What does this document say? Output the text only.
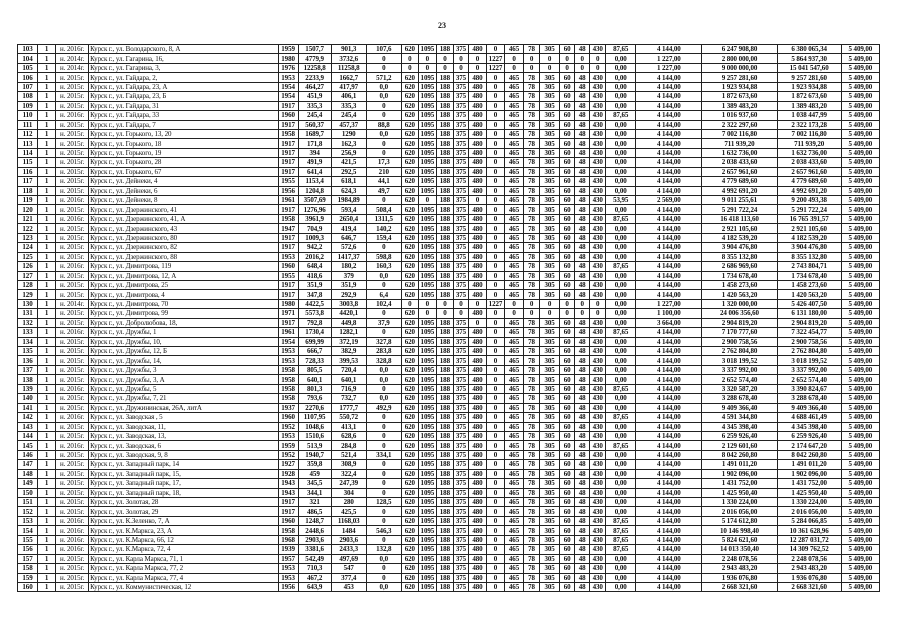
23
103	1	н. 2016г.	Курск г., ул. Володарского, 8, А	1959	1507,7	901,3	107,6	620	1095	188	375	480	0	465	78	305	60	48	430	87,65	4 144,00	6 247 908,80	6 380 065,34	5 409,00
104	1	н. 2014г.	Курск г., ул. Гагарина, 16,	1980	4779,9	3732,6	0	0	0	0	0	0	1227	0	0	0	0	0	0	0,00	1 227,00	2 800 000,00	5 864 937,30	5 409,00
105	1	н. 2014г.	Курск г., ул. Гагарина, 3,	1976	12258,8	11258,8	0	0	0	0	0	0	1227	0	0	0	0	0	0	0,00	1 227,00	9 000 000,00	15 041 547,60	5 409,00
106	1	н. 2015г.	Курск г., ул. Гайдара, 2,	1953	2233,9	1662,7	571,2	620	1095	188	375	480	0	465	78	305	60	48	430	0,00	4 144,00	9 257 281,60	9 257 281,60	5 409,00
107	1	н. 2015г.	Курск г., ул. Гайдара, 23, А	1954	464,27	417,97	0,0	620	1095	188	375	480	0	465	78	305	60	48	430	0,00	4 144,00	1 923 934,88	1 923 934,88	5 409,00
108	1	н. 2015г.	Курск г., ул. Гайдара, 23, Б	1954	451,9	406,1	0,0	620	1095	188	375	480	0	465	78	305	60	48	430	0,00	4 144,00	1 872 673,60	1 872 673,60	5 409,00
109	1	н. 2015г.	Курск г., ул. Гайдара, 31	1917	335,3	335,3	0	620	1095	188	375	480	0	465	78	305	60	48	430	0,00	4 144,00	1 389 483,20	1 389 483,20	5 409,00
110	1	н. 2016г.	Курск г., ул. Гайдара, 33	1960	245,4	245,4	0	620	1095	188	375	480	0	465	78	305	60	48	430	87,65	4 144,00	1 016 937,60	1 038 447,99	5 409,00
111	1	н. 2015г.	Курск г., ул. Гайдара, 7	1917	560,37	457,37	88,8	620	1095	188	375	480	0	465	78	305	60	48	430	0,00	4 144,00	2 322 297,60	2 322 173,28	5 409,00
112	1	н. 2015г.	Курск г., ул. Горького, 13, 20	1958	1689,7	1290	0,0	620	1095	188	375	480	0	465	78	305	60	48	430	0,00	4 144,00	7 002 116,80	7 002 116,80	5 409,00
113	1	н. 2015г.	Курск г., ул. Горького, 18	1917	171,8	162,3	0	620	1095	188	375	480	0	465	78	305	60	48	430	0,00	4 144,00	711 939,20	711 939,20	5 409,00
114	1	н. 2015г.	Курск г., ул. Горького, 19	1917	394	256,9	0	620	1095	188	375	480	0	465	78	305	60	48	430	0,00	4 144,00	1 632 736,00	1 632 736,00	5 409,00
115	1	н. 2015г.	Курск г., ул. Горького, 28	1917	491,9	421,5	17,3	620	1095	188	375	480	0	465	78	305	60	48	430	0,00	4 144,00	2 038 433,60	2 038 433,60	5 409,00
116	1	н. 2015г.	Курск г., ул. Горького, 67	1917	641,4	292,5	210	620	1095	188	375	480	0	465	78	305	60	48	430	0,00	4 144,00	2 657 961,60	2 657 961,60	5 409,00
117	1	н. 2015г.	Курск г., ул. Дейнеки, 4	1955	1153,4	618,1	44,1	620	1095	188	375	480	0	465	78	305	60	48	430	0,00	4 144,00	4 779 689,60	4 779 689,60	5 409,00
118	1	н. 2015г.	Курск г., ул. Дейнеки, 6	1956	1204,8	624,3	49,7	620	1095	188	375	480	0	465	78	305	60	48	430	0,00	4 144,00	4 992 691,20	4 992 691,20	5 409,00
119	1	н. 2016г.	Курск г., ул. Дейнеки, 8	1961	3507,69	1984,89	0	620	0	188	375	0	0	465	78	305	60	48	430	53,95	2 569,00	9 011 255,61	9 200 493,38	5 409,00
120	1	н. 2015г.	Курск г., ул. Дзержинского, 41	1917	1276,96	593,4	508,4	620	1095	188	375	480	0	465	78	305	60	48	430	0,00	4 144,00	5 291 722,24	5 291 722,24	5 409,00
121	1	н. 2016г.	Курск г., ул. Дзержинского, 41, А	1958	3961,9	2650,4	1311,5	620	1095	188	375	480	0	465	78	305	60	48	430	87,65	4 144,00	16 418 113,60	16 765 391,57	5 409,00
122	1	н. 2015г.	Курск г., ул. Дзержинского, 43	1947	704,9	419,4	140,2	620	1095	188	375	480	0	465	78	305	60	48	430	0,00	4 144,00	2 921 105,60	2 921 105,60	5 409,00
123	1	н. 2015г.	Курск г., ул. Дзержинского, 80	1917	1009,3	646,7	159,4	620	1095	188	375	480	0	465	78	305	60	48	430	0,00	4 144,00	4 182 539,20	4 182 539,20	5 409,00
124	1	н. 2015г.	Курск г., ул. Дзержинского, 82	1917	942,2	572,6	0	620	1095	188	375	480	0	465	78	305	60	48	430	0,00	4 144,00	3 904 476,80	3 904 476,80	5 409,00
125	1	н. 2015г.	Курск г., ул. Дзержинского, 88	1953	2016,2	1417,37	598,8	620	1095	188	375	480	0	465	78	305	60	48	430	0,00	4 144,00	8 355 132,80	8 355 132,80	5 409,00
126	1	н. 2016г.	Курск г., ул. Димитрова, 119	1960	648,4	180,2	160,3	620	1095	188	375	480	0	465	78	305	60	48	430	87,65	4 144,00	2 686 969,60	2 743 804,71	5 409,00
127	1	н. 2015г.	Курск г., ул. Димитрова, 12, А	1955	418,6	379	0,0	620	1095	188	375	480	0	465	78	305	60	48	430	0,00	4 144,00	1 734 678,40	1 734 678,40	5 409,00
128	1	н. 2015г.	Курск г., ул. Димитрова, 25	1917	351,9	351,9	0	620	1095	188	375	480	0	465	78	305	60	48	430	0,00	4 144,00	1 458 273,60	1 458 273,60	5 409,00
129	1	н. 2015г.	Курск г., ул. Димитрова, 4	1917	347,8	292,9	6,4	620	1095	188	375	480	0	465	78	305	60	48	430	0,00	4 144,00	1 420 563,20	1 420 563,20	5 409,00
130	1	н. 2014г.	Курск г., ул. Димитрова, 70	1980	4422,5	3003,8	102,4	0	0	0	0	0	1227	0	0	0	0	0	0	0,00	1 227,00	1 320 000,00	5 426 407,50	5 409,00
131	1	н. 2015г.	Курск г., ул. Димитрова, 99	1971	5573,8	4420,1	0	620	0	0	0	480	0	0	0	0	0	0	0	0,00	1 100,00	24 006 356,60	6 131 180,00	5 409,00
132	1	н. 2015г.	Курск г., ул. Добролюбова, 18,	1917	792,8	449,8	37,9	620	1095	188	375	0	0	465	78	305	60	48	430	0,00	3 664,00	2 904 819,20	2 904 819,20	5 409,00
133	1	н. 2016г.	Курск г., ул. Дружбы, 1	1961	1730,4	1282,1	0	620	1095	188	375	480	0	465	78	305	60	48	430	87,65	4 144,00	7 170 777,60	7 322 454,77	5 409,00
134	1	н. 2015г.	Курск г., ул. Дружбы, 10,	1954	699,99	372,19	327,8	620	1095	188	375	480	0	465	78	305	60	48	430	0,00	4 144,00	2 900 758,56	2 900 758,56	5 409,00
135	1	н. 2015г.	Курск г., ул. Дружбы, 12, Б	1953	666,7	382,9	283,8	620	1095	188	375	480	0	465	78	305	60	48	430	0,00	4 144,00	2 762 804,80	2 762 804,80	5 409,00
136	1	н. 2015г.	Курск г., ул. Дружбы, 14,	1953	728,33	399,53	328,8	620	1095	188	375	480	0	465	78	305	60	48	430	0,00	4 144,00	3 018 199,52	3 018 199,52	5 409,00
137	1	н. 2015г.	Курск г., ул. Дружбы, 3	1958	805,5	720,4	0,0	620	1095	188	375	480	0	465	78	305	60	48	430	0,00	4 144,00	3 337 992,00	3 337 992,00	5 409,00
138	1	н. 2015г.	Курск г., ул. Дружбы, 3, А	1958	640,1	640,1	0,0	620	1095	188	375	480	0	465	78	305	60	48	430	0,00	4 144,00	2 652 574,40	2 652 574,40	5 409,00
139	1	н. 2016г.	Курск г., ул. Дружбы, 5	1958	801,3	716,9	0	620	1095	188	375	480	0	465	78	305	60	48	430	87,65	4 144,00	3 320 587,20	3 390 824,67	5 409,00
140	1	н. 2015г.	Курск г., ул. Дружбы, 7, 21	1958	793,6	732,7	0,0	620	1095	188	375	480	0	465	78	305	60	48	430	0,00	4 144,00	3 288 678,40	3 288 678,40	5 409,00
141	1	н. 2015г.	Курск г., ул. Дружининская, 26А, литА	1937	2270,6	1777,7	492,9	620	1095	188	375	480	0	465	78	305	60	48	430	0,00	4 144,00	9 409 366,40	9 409 366,40	5 409,00
142	1	н. 2016г.	Курск г., ул. Заводская , 5	1960	1107,95	550,72	0	620	1095	188	375	480	0	465	78	305	60	48	430	87,65	4 144,00	4 591 344,80	4 688 461,49	5 409,00
143	1	н. 2015г.	Курск г., ул. Заводская, 11,	1952	1048,6	413,1	0	620	1095	188	375	480	0	465	78	305	60	48	430	0,00	4 144,00	4 345 398,40	4 345 398,40	5 409,00
144	1	н. 2015г.	Курск г., ул. Заводская, 13,	1953	1510,6	628,6	0	620	1095	188	375	480	0	465	78	305	60	48	430	0,00	4 144,00	6 259 926,40	6 259 926,40	5 409,00
145	1	н. 2016г.	Курск г., ул. Заводская, 6	1959	513,9	284,8	0	620	1095	188	375	480	0	465	78	305	60	48	430	87,65	4 144,00	2 129 601,60	2 174 647,20	5 409,00
146	1	н. 2015г.	Курск г., ул. Заводская, 9, 8	1952	1940,7	521,4	334,1	620	1095	188	375	480	0	465	78	305	60	48	430	0,00	4 144,00	8 042 260,80	8 042 260,80	5 409,00
147	1	н. 2015г.	Курск г., ул. Западный парк, 14	1927	359,8	308,9	0	620	1095	188	375	480	0	465	78	305	60	48	430	0,00	4 144,00	1 491 011,20	1 491 011,20	5 409,00
148	1	н. 2015г.	Курск г., ул. Западный парк, 15,	1928	459	322,4	0	620	1095	188	375	480	0	465	78	305	60	48	430	0,00	4 144,00	1 902 096,00	1 902 096,00	5 409,00
149	1	н. 2015г.	Курск г., ул. Западный парк, 17,	1943	345,5	247,39	0	620	1095	188	375	480	0	465	78	305	60	48	430	0,00	4 144,00	1 431 752,00	1 431 752,00	5 409,00
150	1	н. 2015г.	Курск г., ул. Западный парк, 18,	1943	344,1	304	0	620	1095	188	375	480	0	465	78	305	60	48	430	0,00	4 144,00	1 425 950,40	1 425 950,40	5 409,00
151	1	н. 2015г.	Курск г., ул. Золотая, 28	1917	321	280	128,5	620	1095	188	375	480	0	465	78	305	60	48	430	0,00	4 144,00	1 330 224,00	1 330 224,00	5 409,00
152	1	н. 2015г.	Курск г., ул. Золотая, 29	1917	486,5	425,5	0	620	1095	188	375	480	0	465	78	305	60	48	430	0,00	4 144,00	2 016 056,00	2 016 056,00	5 409,00
153	1	н. 2016г.	Курск г., ул. К.Зеленко, 7, А	1960	1248,7	1168,03	0	620	1095	188	375	480	0	465	78	305	60	48	430	87,65	4 144,00	5 174 612,80	5 284 066,85	5 409,00
154	1	н. 2016г.	Курск г., ул. К.Маркса, 23, А	1958	2448,6	1484	546,3	620	1095	188	375	480	0	465	78	305	60	48	430	87,65	4 144,00	10 146 998,40	10 361 628,96	5 409,00
155	1	н. 2016г.	Курск г., ул. К.Маркса, 66, 12	1968	2903,6	2903,6	0	620	1095	188	375	480	0	465	78	305	60	48	430	87,65	4 144,00	5 824 621,60	12 287 031,72	5 409,00
156	1	н. 2016г.	Курск г., ул. К.Маркса, 72, 4	1939	3381,6	2433,3	132,8	620	1095	188	375	480	0	465	78	305	60	48	430	87,65	4 144,00	14 013 350,40	14 309 762,52	5 409,00
157	1	н. 2015г.	Курск г., ул. Карла Маркса, 71, 1	1957	542,49	497,69	0,0	620	1095	188	375	480	0	465	78	305	60	48	430	0,00	4 144,00	2 248 078,56	2 248 078,56	5 409,00
158	1	н. 2015г.	Курск г., ул. Карла Маркса, 77, 2	1953	710,3	547	0	620	1095	188	375	480	0	465	78	305	60	48	430	0,00	4 144,00	2 943 483,20	2 943 483,20	5 409,00
159	1	н. 2015г.	Курск г., ул. Карла Маркса, 77, 4	1953	467,2	377,4	0	620	1095	188	375	480	0	465	78	305	60	48	430	0,00	4 144,00	1 936 076,80	1 936 076,80	5 409,00
160	1	н. 2015г.	Курск г., ул. Коммунистическая, 12	1956	643,9	453	0,0	620	1095	188	375	480	0	465	78	305	60	48	430	0,00	4 144,00	2 668 321,60	2 668 321,60	5 409,00
